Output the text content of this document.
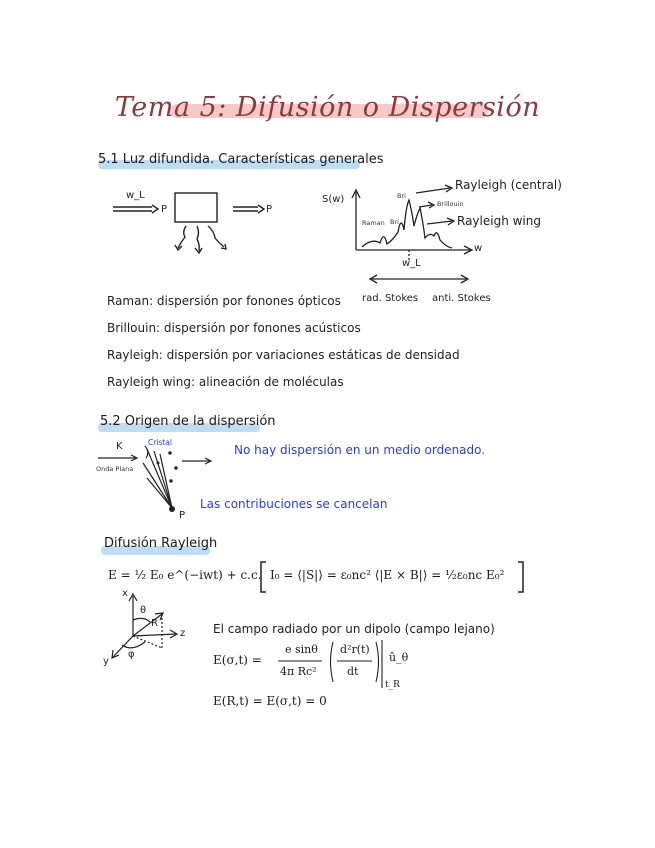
Tema 5: Difusión o Dispersión
5.1 Luz difundida. Características generales
w_L
P	P
S(w)
w
w_L
Raman
Bri
Bri
Rayleigh (central)
Brillouin
Rayleigh wing
rad. Stokes anti. Stokes
Raman: dispersión por fonones ópticos
Brillouin: dispersión por fonones acústicos
Rayleigh: dispersión por variaciones estáticas de densidad
Rayleigh wing: alineación de moléculas
5.2 Origen de la dispersión
K
Onda Plana
Cristal
P
No hay dispersión en un medio ordenado.
Las contribuciones se cancelan
Difusión Rayleigh
E = ½ E₀ e^(−iwt) + c.c. I₀ = ⟨|S|⟩ = ε₀nc² ⟨|E × B|⟩ = ½ε₀nc E₀²
x
y
z
θ
φ
R	El campo radiado por un dipolo (campo lejano)
E(σ,t) =
e sinθ
4π Rc²
d²r(t)
dt
û_θ
t_R
E(R,t) = E(σ,t) = 0
